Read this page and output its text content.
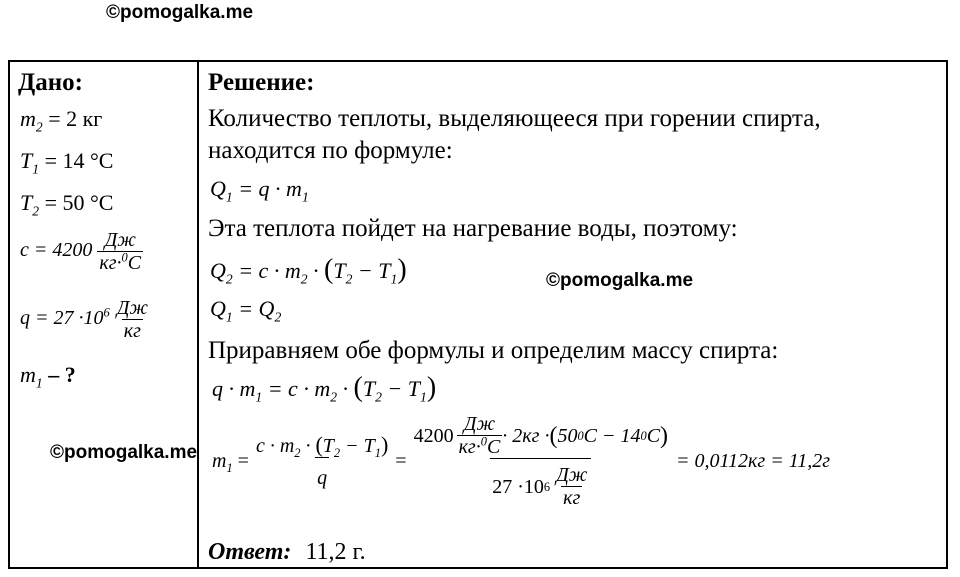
©pomogalka.me
©pomogalka.me
©pomogalka.me
Дано:
$m_2 = 2$ кг
$T_1 = 14$ °C
$T_2 = 50$ °C
$c = 4200 \frac{Дж}{кг\cdot^0C}$
$q = 27 \cdot 10^6 \frac{Дж}{кг}$
$m_1$ – ?
Решение:
Количество теплоты, выделяющееся при горении спирта,
находится по формуле:
$Q_1 = q \cdot m_1$
Эта теплота пойдет на нагревание воды, поэтому:
$Q_2 = c \cdot m_2 \cdot (T_2 - T_1)$
$Q_1 = Q_2$
Приравняем обе формулы и определим массу спирта:
$q \cdot m_1 = c \cdot m_2 \cdot (T_2 - T_1)$
$m_1 = \frac{c \cdot m_2 \cdot (T_2 - T_1)}{q}$ =
$4200 \frac{Дж}{кг\cdot^0C} \cdot 2кг$ · ( 50 0 C − 14 0 C )
27 ·10 $6 \frac{Дж}{кг}$
= 0,0112кг = 11,2г
Ответ: 11,2 г.
